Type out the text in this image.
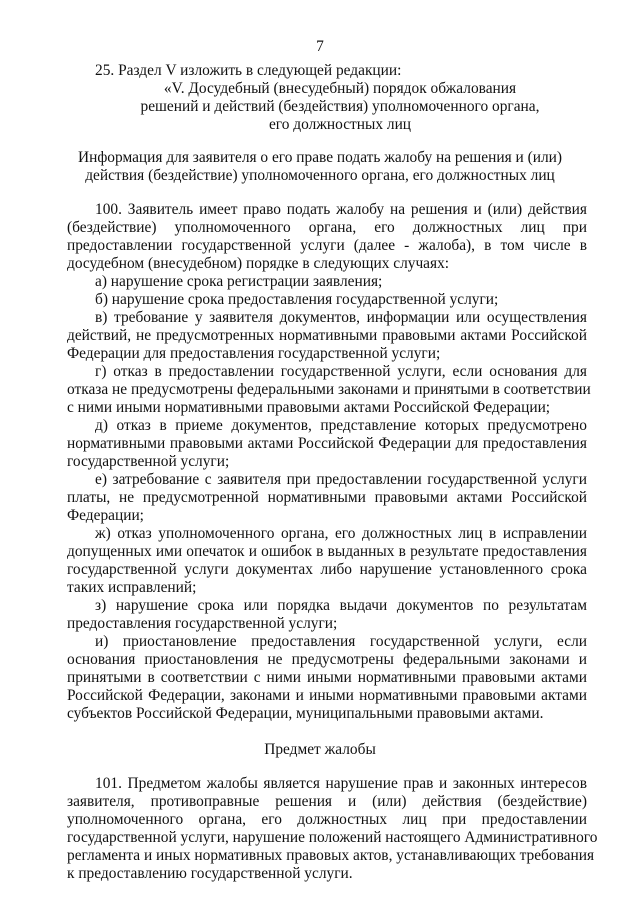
7
25. Раздел V изложить в следующей редакции:
«V. Досудебный (внесудебный) порядок обжалования
решений и действий (бездействия) уполномоченного органа,
его должностных лиц
Информация для заявителя о его праве подать жалобу на решения и (или)
действия (бездействие) уполномоченного органа, его должностных лиц
100. Заявитель имеет право подать жалобу на решения и (или) действия
(бездействие) уполномоченного органа, его должностных лиц при
предоставлении государственной услуги (далее - жалоба), в том числе в
досудебном (внесудебном) порядке в следующих случаях:
а) нарушение срока регистрации заявления;
б) нарушение срока предоставления государственной услуги;
в) требование у заявителя документов, информации или осуществления
действий, не предусмотренных нормативными правовыми актами Российской
Федерации для предоставления государственной услуги;
г) отказ в предоставлении государственной услуги, если основания для
отказа не предусмотрены федеральными законами и принятыми в соответствии
с ними иными нормативными правовыми актами Российской Федерации;
д) отказ в приеме документов, представление которых предусмотрено
нормативными правовыми актами Российской Федерации для предоставления
государственной услуги;
е) затребование с заявителя при предоставлении государственной услуги
платы, не предусмотренной нормативными правовыми актами Российской
Федерации;
ж) отказ уполномоченного органа, его должностных лиц в исправлении
допущенных ими опечаток и ошибок в выданных в результате предоставления
государственной услуги документах либо нарушение установленного срока
таких исправлений;
з) нарушение срока или порядка выдачи документов по результатам
предоставления государственной услуги;
и) приостановление предоставления государственной услуги, если
основания приостановления не предусмотрены федеральными законами и
принятыми в соответствии с ними иными нормативными правовыми актами
Российской Федерации, законами и иными нормативными правовыми актами
субъектов Российской Федерации, муниципальными правовыми актами.
Предмет жалобы
101. Предметом жалобы является нарушение прав и законных интересов
заявителя, противоправные решения и (или) действия (бездействие)
уполномоченного органа, его должностных лиц при предоставлении
государственной услуги, нарушение положений настоящего Административного
регламента и иных нормативных правовых актов, устанавливающих требования
к предоставлению государственной услуги.
